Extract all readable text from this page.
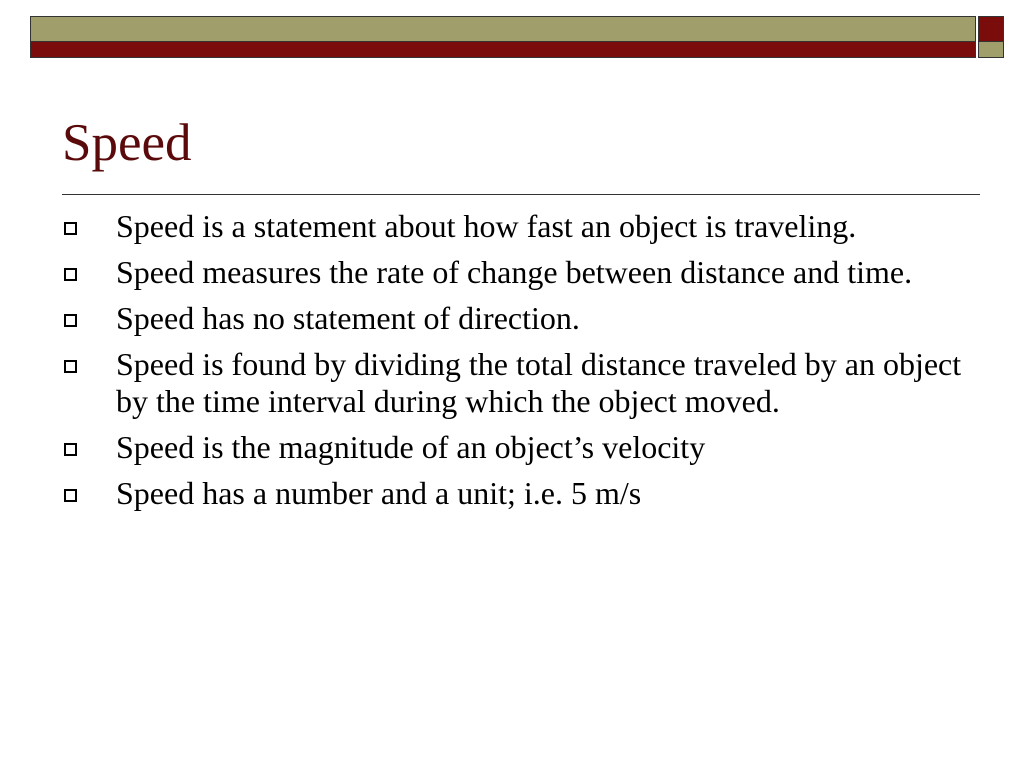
Speed
Speed is a statement about how fast an object is traveling.
Speed measures the rate of change between distance and time.
Speed has no statement of direction.
Speed is found by dividing the total distance traveled by an object by the time interval during which the object moved.
Speed is the magnitude of an object’s velocity
Speed has a number and a unit; i.e. 5 m/s
